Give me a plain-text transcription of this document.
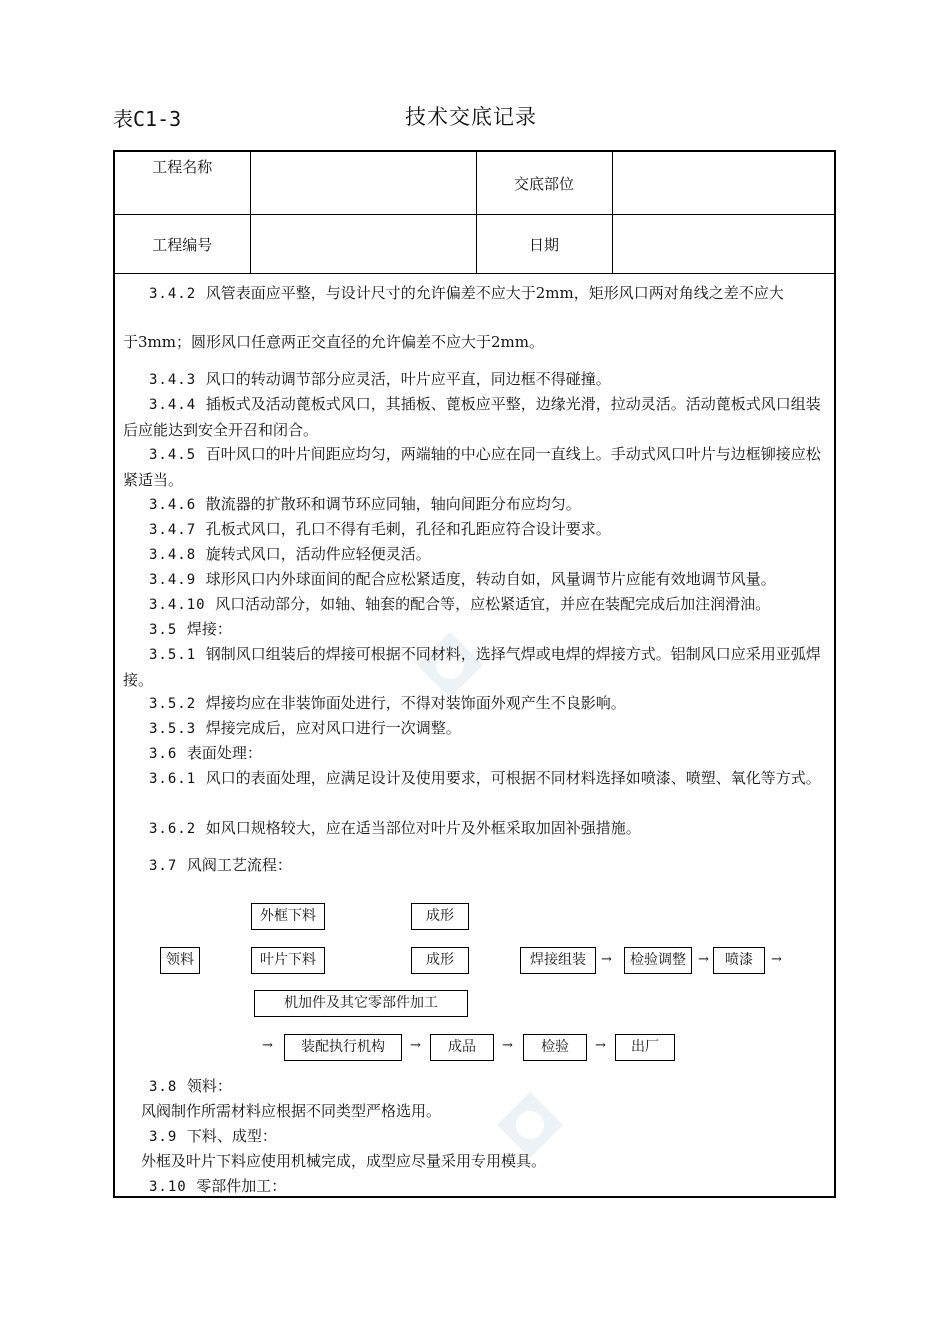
表C1-3	技术交底记录
工程名称		交底部位	
工程编号		日期	

3.4.2 风管表面应平整，与设计尺寸的允许偏差不应大于2mm，矩形风口两对角线之差不应大

于3mm；圆形风口任意两正交直径的允许偏差不应大于2mm。

3.4.3 风口的转动调节部分应灵活，叶片应平直，同边框不得碰撞。

3.4.4 插板式及活动蓖板式风口，其插板、蓖板应平整，边缘光滑，拉动灵活。活动蓖板式风口组装后应能达到安全开召和闭合。

3.4.5 百叶风口的叶片间距应均匀，两端轴的中心应在同一直线上。手动式风口叶片与边框铆接应松紧适当。

3.4.6 散流器的扩散环和调节环应同轴，轴向间距分布应均匀。

3.4.7 孔板式风口，孔口不得有毛刺，孔径和孔距应符合设计要求。

3.4.8 旋转式风口，活动件应轻便灵活。

3.4.9 球形风口内外球面间的配合应松紧适度，转动自如，风量调节片应能有效地调节风量。

3.4.10 风口活动部分，如轴、轴套的配合等，应松紧适宜，并应在装配完成后加注润滑油。

3.5 焊接：

3.5.1 钢制风口组装后的焊接可根据不同材料，选择气焊或电焊的焊接方式。铝制风口应采用亚弧焊接。

3.5.2 焊接均应在非装饰面处进行，不得对装饰面外观产生不良影响。

3.5.3 焊接完成后，应对风口进行一次调整。

3.6 表面处理：

3.6.1 风口的表面处理，应满足设计及使用要求，可根据不同材料选择如喷漆、喷塑、氧化等方式。

3.6.2 如风口规格较大，应在适当部位对叶片及外框采取加固补强措施。

3.7 风阀工艺流程：

外框下料	成形
领料	叶片下料	成形	焊接组装	→	检验调整 →	喷漆	→
机加件及其它零部件加工
→	装配执行机构	→	成品	→	检验	→	出厂

3.8 领料：

风阀制作所需材料应根据不同类型严格选用。

3.9 下料、成型：

外框及叶片下料应使用机械完成，成型应尽量采用专用模具。

3.10 零部件加工：
